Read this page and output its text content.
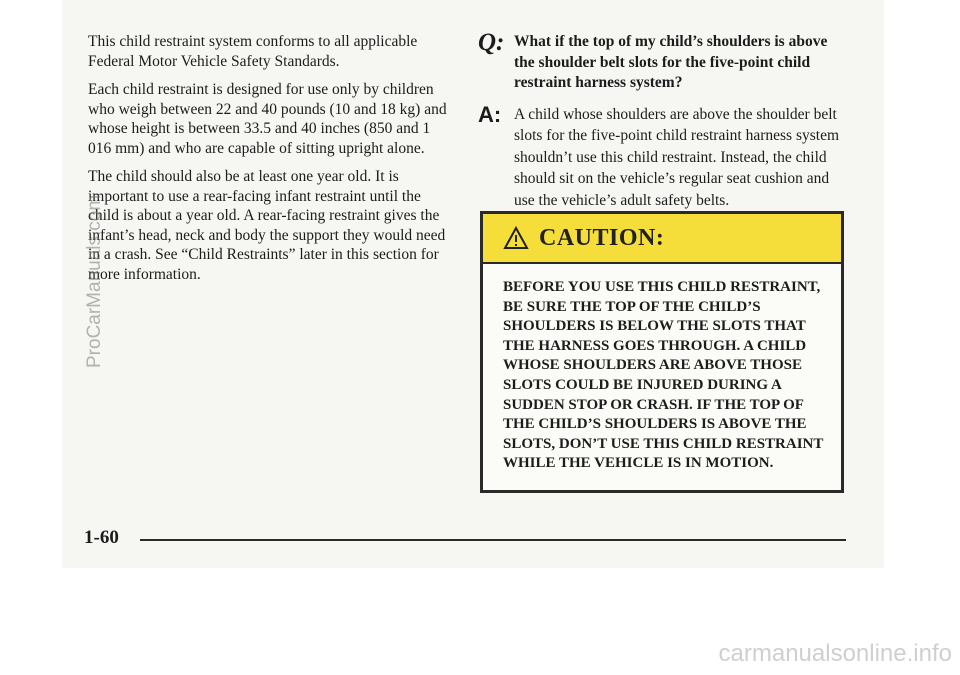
This child restraint system conforms to all applicable Federal Motor Vehicle Safety Standards.

Each child restraint is designed for use only by children who weigh between 22 and 40 pounds (10 and 18 kg) and whose height is between 33.5 and 40 inches (850 and 1 016 mm) and who are capable of sitting upright alone.

The child should also be at least one year old. It is important to use a rear-facing infant restraint until the child is about a year old. A rear-facing restraint gives the infant’s head, neck and body the support they would need in a crash. See “Child Restraints” later in this section for more information.

Q: What if the top of my child’s shoulders is above the shoulder belt slots for the five-point child restraint harness system?
A: A child whose shoulders are above the shoulder belt slots for the five-point child restraint harness system shouldn’t use this child restraint. Instead, the child should sit on the vehicle’s regular seat cushion and use the vehicle’s adult safety belts.
CAUTION:
BEFORE YOU USE THIS CHILD RESTRAINT, BE SURE THE TOP OF THE CHILD’S SHOULDERS IS BELOW THE SLOTS THAT THE HARNESS GOES THROUGH. A CHILD WHOSE SHOULDERS ARE ABOVE THOSE SLOTS COULD BE INJURED DURING A SUDDEN STOP OR CRASH. IF THE TOP OF THE CHILD’S SHOULDERS IS ABOVE THE SLOTS, DON’T USE THIS CHILD RESTRAINT WHILE THE VEHICLE IS IN MOTION.
1-60
ProCarManuals.com
carmanualsonline.info
